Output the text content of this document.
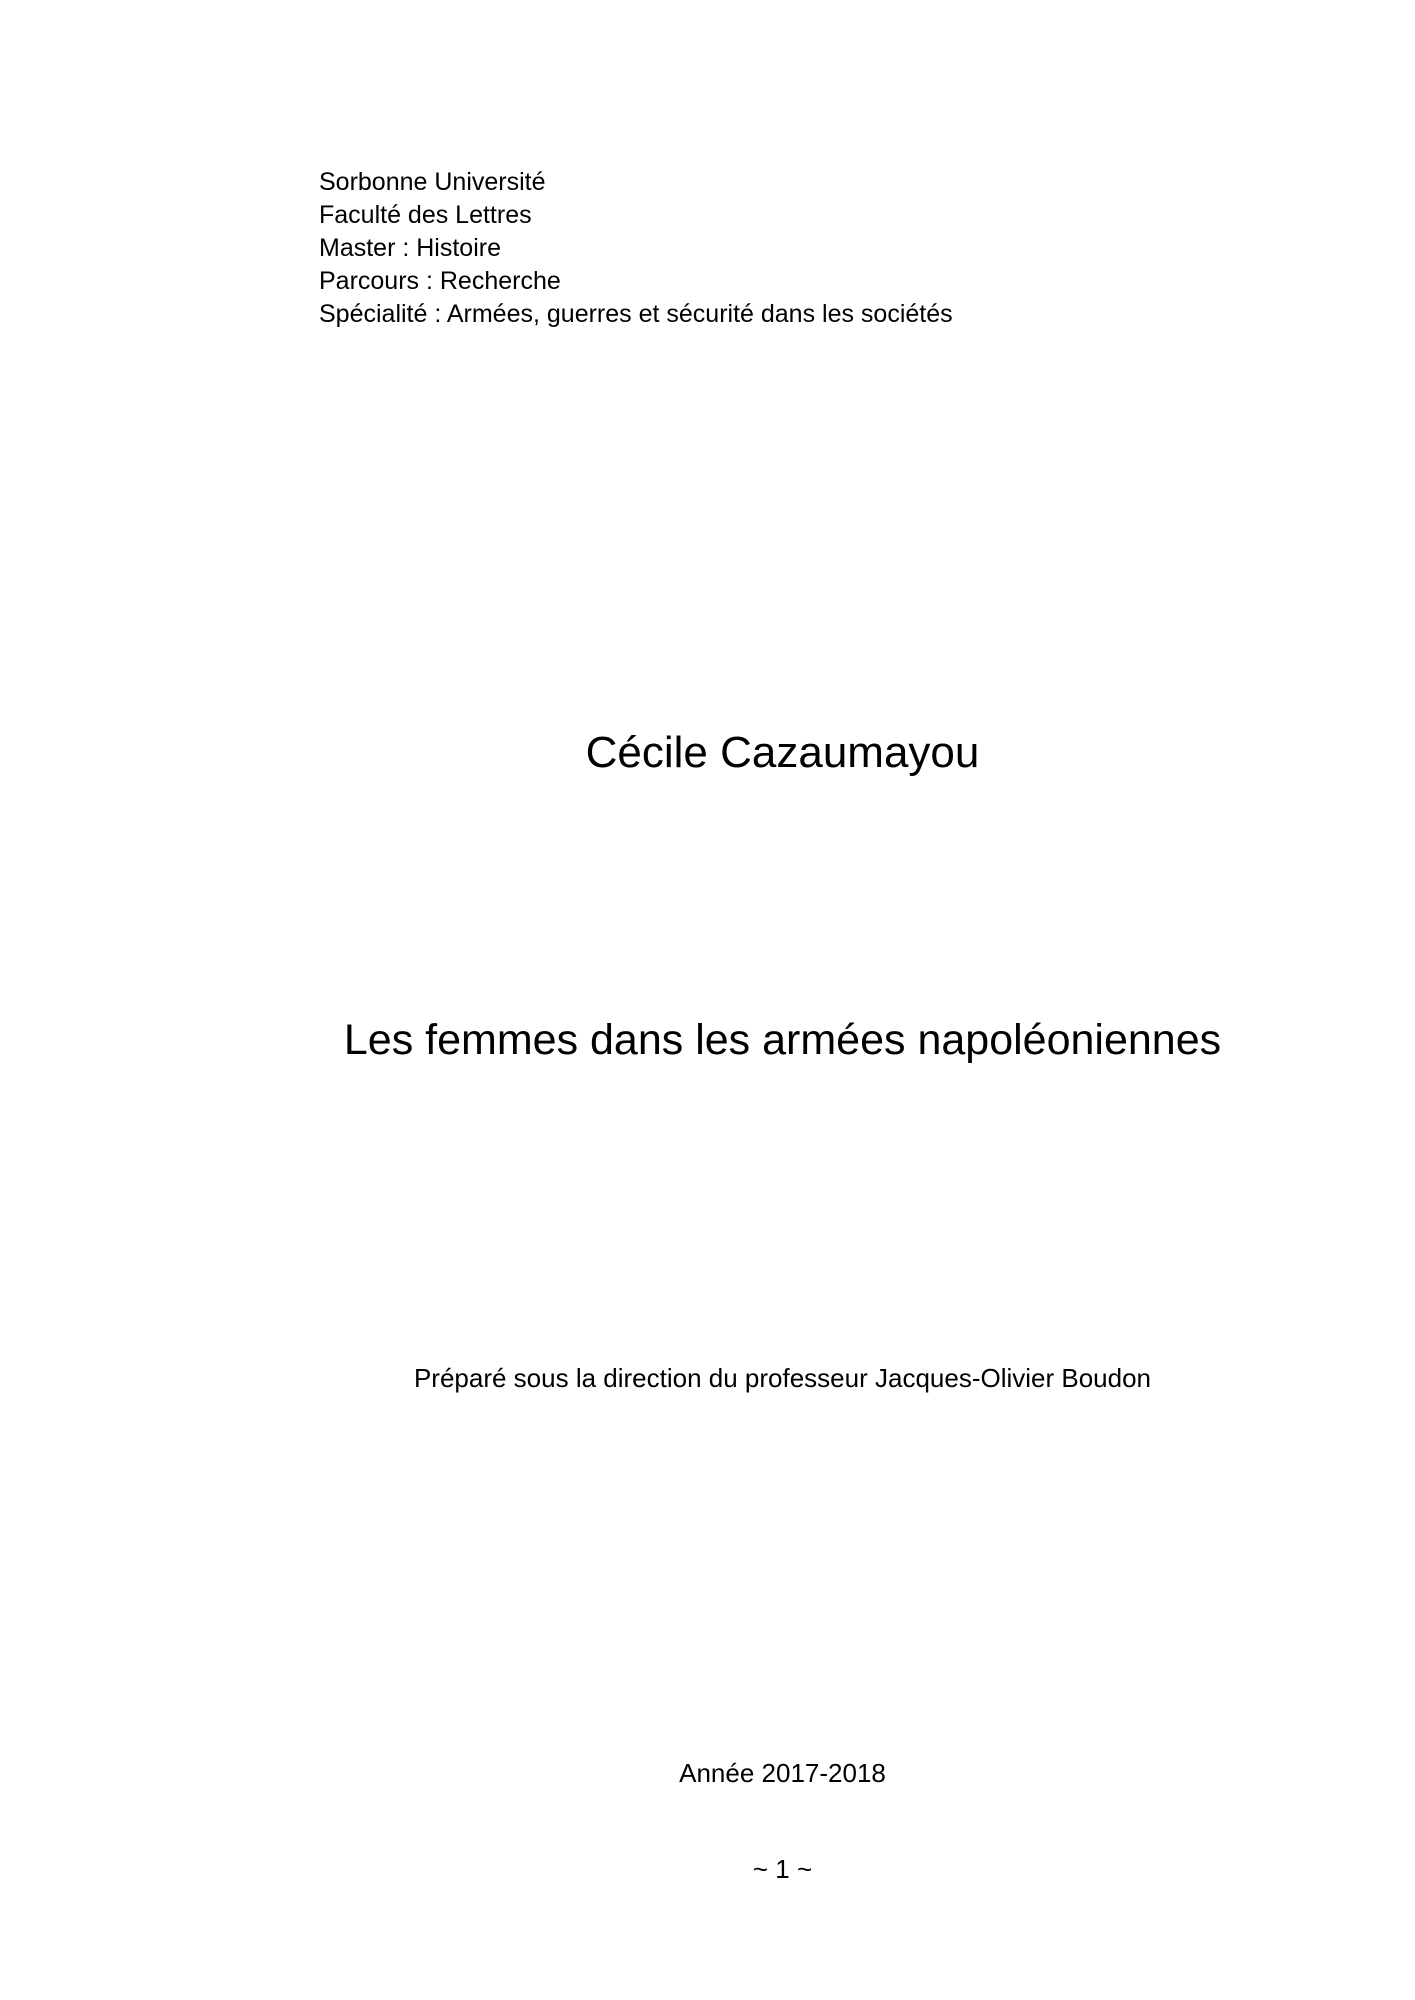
Sorbonne Université
Faculté des Lettres
Master : Histoire
Parcours : Recherche
Spécialité : Armées, guerres et sécurité dans les sociétés
Cécile Cazaumayou
Les femmes dans les armées napoléoniennes
Préparé sous la direction du professeur Jacques-Olivier Boudon
Année 2017-2018
~ 1 ~
